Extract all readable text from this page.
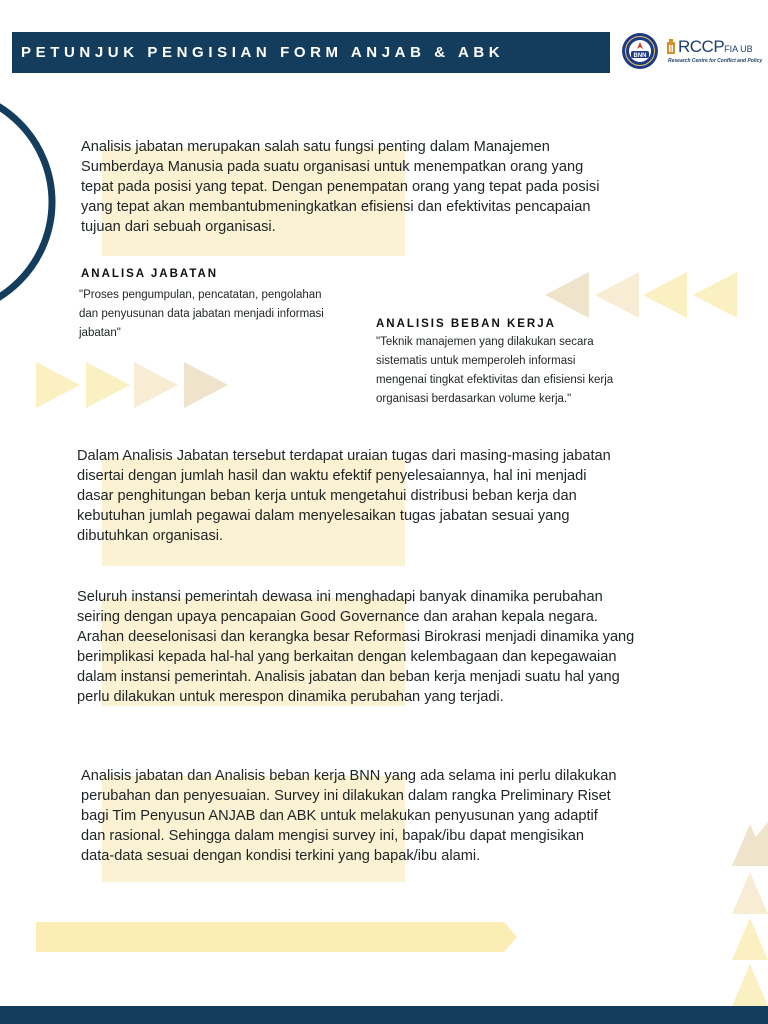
PETUNJUK PENGISIAN FORM ANJAB & ABK	BNN RCCPFIA UB
Research Centre for Conflict and Policy
Analisis jabatan merupakan salah satu fungsi penting dalam Manajemen
Sumberdaya Manusia pada suatu organisasi untuk menempatkan orang yang
tepat pada posisi yang tepat. Dengan penempatan orang yang tepat pada posisi
yang tepat akan membantubmeningkatkan efisiensi dan efektivitas pencapaian
tujuan dari sebuah organisasi.
ANALISA JABATAN
"Proses pengumpulan, pencatatan, pengolahan
dan penyusunan data jabatan menjadi informasi
jabatan"
ANALISIS BEBAN KERJA
"Teknik manajemen yang dilakukan secara
sistematis untuk memperoleh informasi
mengenai tingkat efektivitas dan efisiensi kerja
organisasi berdasarkan volume kerja."
Dalam Analisis Jabatan tersebut terdapat uraian tugas dari masing-masing jabatan
disertai dengan jumlah hasil dan waktu efektif penyelesaiannya, hal ini menjadi
dasar penghitungan beban kerja untuk mengetahui distribusi beban kerja dan
kebutuhan jumlah pegawai dalam menyelesaikan tugas jabatan sesuai yang
dibutuhkan organisasi.
Seluruh instansi pemerintah dewasa ini menghadapi banyak dinamika perubahan
seiring dengan upaya pencapaian Good Governance dan arahan kepala negara.
Arahan deeselonisasi dan kerangka besar Reformasi Birokrasi menjadi dinamika yang
berimplikasi kepada hal-hal yang berkaitan dengan kelembagaan dan kepegawaian
dalam instansi pemerintah. Analisis jabatan dan beban kerja menjadi suatu hal yang
perlu dilakukan untuk merespon dinamika perubahan yang terjadi.
Analisis jabatan dan Analisis beban kerja BNN yang ada selama ini perlu dilakukan
perubahan dan penyesuaian. Survey ini dilakukan dalam rangka Preliminary Riset
bagi Tim Penyusun ANJAB dan ABK untuk melakukan penyusunan yang adaptif
dan rasional. Sehingga dalam mengisi survey ini, bapak/ibu dapat mengisikan
data-data sesuai dengan kondisi terkini yang bapak/ibu alami.
